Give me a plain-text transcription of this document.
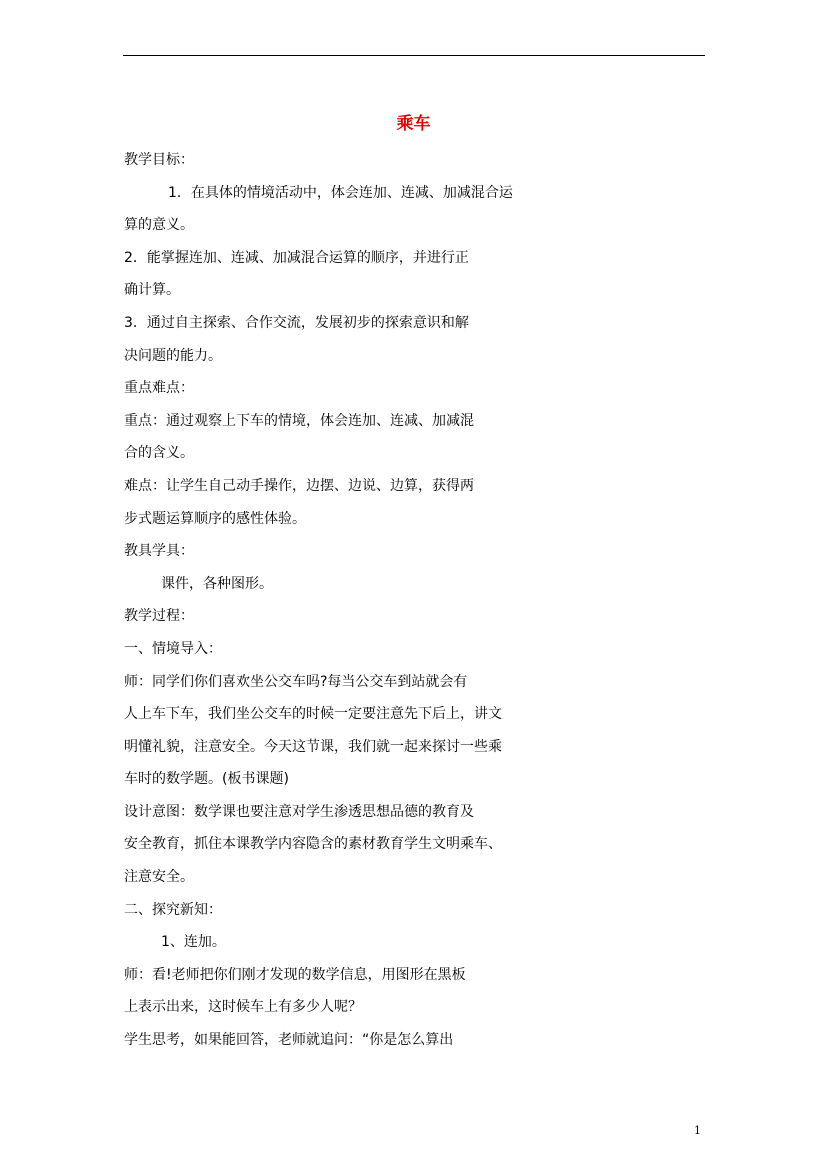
乘车
教学目标：
1．在具体的情境活动中，体会连加、连减、加减混合运
算的意义。
2．能掌握连加、连减、加减混合运算的顺序，并进行正
确计算。
3．通过自主探索、合作交流，发展初步的探索意识和解
决问题的能力。
重点难点：
重点：通过观察上下车的情境，体会连加、连减、加减混
合的含义。
难点：让学生自己动手操作，边摆、边说、边算，获得两
步式题运算顺序的感性体验。
教具学具：
课件，各种图形。
教学过程：
一、情境导入：
师：同学们你们喜欢坐公交车吗?每当公交车到站就会有
人上车下车，我们坐公交车的时候一定要注意先下后上，讲文
明懂礼貌，注意安全。今天这节课，我们就一起来探讨一些乘
车时的数学题。(板书课题)
设计意图：数学课也要注意对学生渗透思想品德的教育及
安全教育，抓住本课教学内容隐含的素材教育学生文明乘车、
注意安全。
二、探究新知：
1、连加。
师：看!老师把你们刚才发现的数学信息，用图形在黑板
上表示出来，这时候车上有多少人呢？
学生思考，如果能回答，老师就追问：“你是怎么算出
1
